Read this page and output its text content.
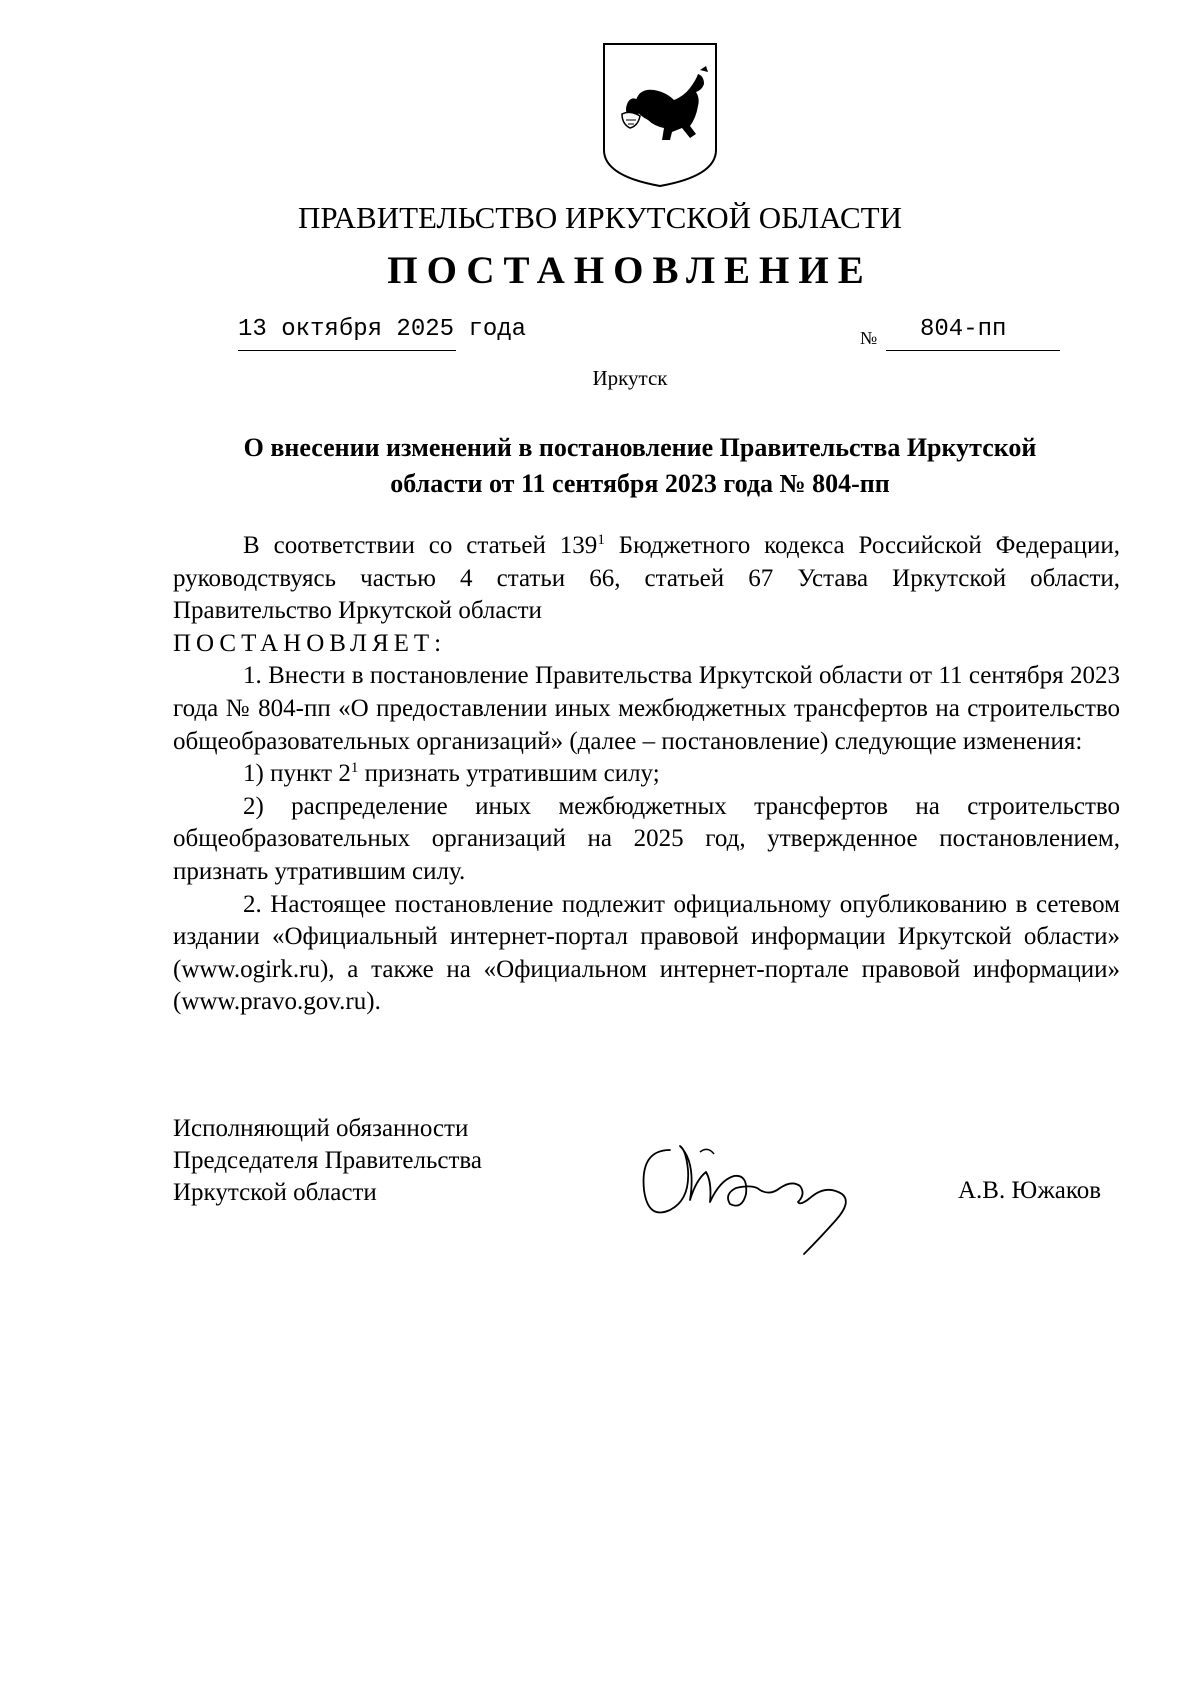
ПРАВИТЕЛЬСТВО ИРКУТСКОЙ ОБЛАСТИ
ПОСТАНОВЛЕНИЕ
13 октября 2025 года	№ 804-пп
Иркутск
О внесении изменений в постановление Правительства Иркутской
области от 11 сентября 2023 года № 804-пп

В соответствии со статьей $139^1$ Бюджетного кодекса Российской Федерации, руководствуясь частью 4 статьи 66, статьей 67 Устава Иркутской области, Правительство Иркутской области

ПОСТАНОВЛЯЕТ:

1. Внести в постановление Правительства Иркутской области от 11 сентября 2023 года № 804-пп «О предоставлении иных межбюджетных трансфертов на строительство общеобразовательных организаций» (далее – постановление) следующие изменения:

1) пункт $2^1$ признать утратившим силу;

2) распределение иных межбюджетных трансфертов на строительство общеобразовательных организаций на 2025 год, утвержденное постановлением, признать утратившим силу.

2. Настоящее постановление подлежит официальному опубликованию в сетевом издании «Официальный интернет-портал правовой информации Иркутской области» (www.ogirk.ru), а также на «Официальном интернет-портале правовой информации» (www.pravo.gov.ru).

Исполняющий обязанности
Председателя Правительства
Иркутской области	А.В. Южаков
